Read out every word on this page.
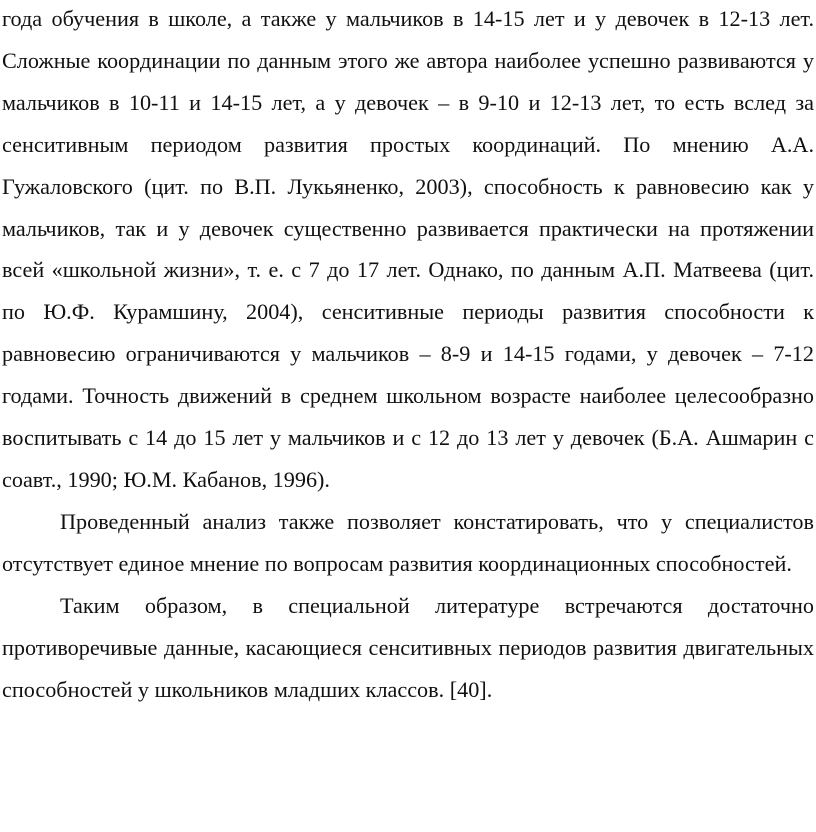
года обучения в школе, а также у мальчиков в 14-15 лет и у девочек в 12-13 лет. Сложные координации по данным этого же автора наиболее успешно развиваются у мальчиков в 10-11 и 14-15 лет, а у девочек – в 9-10 и 12-13 лет, то есть вслед за сенситивным периодом развития простых координаций. По мнению А.А. Гужаловского (цит. по В.П. Лукьяненко, 2003), способность к равновесию как у мальчиков, так и у девочек существенно развивается практически на протяжении всей «школьной жизни», т. е. с 7 до 17 лет. Однако, по данным А.П. Матвеева (цит. по Ю.Ф. Курамшину, 2004), сенситивные периоды развития способности к равновесию ограничиваются у мальчиков – 8-9 и 14-15 годами, у девочек – 7-12 годами. Точность движений в среднем школьном возрасте наиболее целесообразно воспитывать с 14 до 15 лет у мальчиков и с 12 до 13 лет у девочек (Б.А. Ашмарин с соавт., 1990; Ю.М. Кабанов, 1996).

Проведенный анализ также позволяет констатировать, что у специалистов отсутствует единое мнение по вопросам развития координационных способностей.

Таким образом, в специальной литературе встречаются достаточно противоречивые данные, касающиеся сенситивных периодов развития двигательных способностей у школьников младших классов. [40].
